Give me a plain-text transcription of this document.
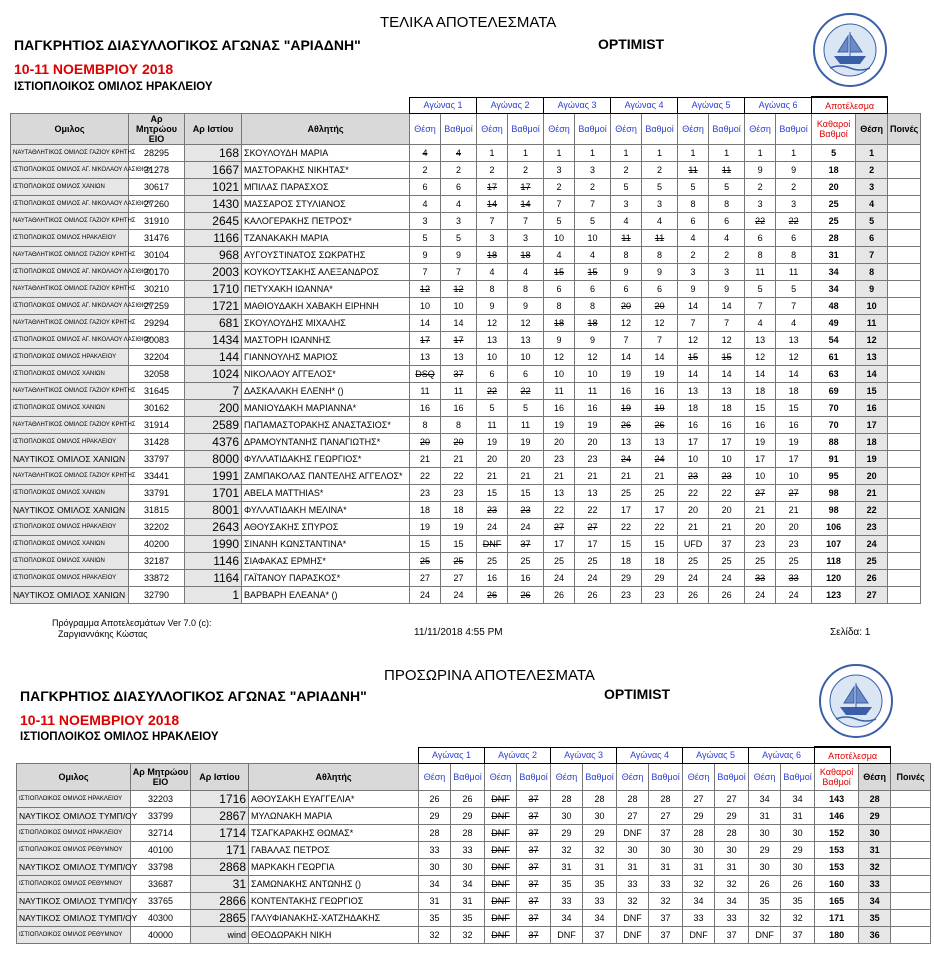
ΤΕΛΙΚΑ ΑΠΟΤΕΛΕΣΜΑΤΑ
ΠΑΓΚΡΗΤΙΟΣ ΔΙΑΣΥΛΛΟΓΙΚΟΣ ΑΓΩΝΑΣ "ΑΡΙΑΔΝΗ"	OPTIMIST
10-11 ΝΟΕΜΒΡΙΟΥ 2018
ΙΣΤΙΟΠΛΟΙΚΟΣ ΟΜΙΛΟΣ ΗΡΑΚΛΕΙΟΥ
				Αγώνας 1		Αγώνας 2		Αγώνας 3		Αγώνας 4		Αγώνας 5		Αγώνας 6		Αποτέλεσμα		
Ομιλος	Αρ Μητρώου ΕΙΟ	Αρ Ιστίου	Αθλητής	Θέση	Βαθμοί	Θέση	Βαθμοί	Θέση	Βαθμοί	Θέση	Βαθμοί	Θέση	Βαθμοί	Θέση	Βαθμοί	Καθαροί Βαθμοί	Θέση	Ποινές
ΝΑΥΤΑΘΛΗΤΙΚΟΣ ΟΜΙΛΟΣ ΓΑΖΙΟΥ ΚΡΗΤΗΣ	28295	168	ΣΚΟΥΛΟΥΔΗ ΜΑΡΙΑ	4	4	1	1	1	1	1	1	1	1	1	1	5	1	
ΙΣΤΙΟΠΛΟΙΚΟΣ ΟΜΙΛΟΣ ΑΓ. ΝΙΚΟΛΑΟΥ ΛΑΣΙΘΙΟΥ	31278	1667	ΜΑΣΤΟΡΑΚΗΣ ΝΙΚΗΤΑΣ*	2	2	2	2	3	3	2	2	11	11	9	9	18	2	
ΙΣΤΙΟΠΛΟΙΚΟΣ ΟΜΙΛΟΣ ΧΑΝΙΩΝ	30617	1021	ΜΠΙΛΑΣ ΠΑΡΑΣΧΟΣ	6	6	17	17	2	2	5	5	5	5	2	2	20	3	
ΙΣΤΙΟΠΛΟΙΚΟΣ ΟΜΙΛΟΣ ΑΓ. ΝΙΚΟΛΑΟΥ ΛΑΣΙΘΙΟΥ	27260	1430	ΜΑΣΣΑΡΟΣ ΣΤΥΛΙΑΝΟΣ	4	4	14	14	7	7	3	3	8	8	3	3	25	4	
ΝΑΥΤΑΘΛΗΤΙΚΟΣ ΟΜΙΛΟΣ ΓΑΖΙΟΥ ΚΡΗΤΗΣ	31910	2645	ΚΑΛΟΓΕΡΑΚΗΣ ΠΕΤΡΟΣ*	3	3	7	7	5	5	4	4	6	6	22	22	25	5	
ΙΣΤΙΟΠΛΟΙΚΟΣ ΟΜΙΛΟΣ ΗΡΑΚΛΕΙΟΥ	31476	1166	ΤΖΑΝΑΚΑΚΗ ΜΑΡΙΑ	5	5	3	3	10	10	11	11	4	4	6	6	28	6	
ΝΑΥΤΑΘΛΗΤΙΚΟΣ ΟΜΙΛΟΣ ΓΑΖΙΟΥ ΚΡΗΤΗΣ	30104	968	ΑΥΓΟΥΣΤΙΝΑΤΟΣ ΣΩΚΡΑΤΗΣ	9	9	18	18	4	4	8	8	2	2	8	8	31	7	
ΙΣΤΙΟΠΛΟΙΚΟΣ ΟΜΙΛΟΣ ΑΓ. ΝΙΚΟΛΑΟΥ ΛΑΣΙΘΙΟΥ	30170	2003	ΚΟΥΚΟΥΤΣΑΚΗΣ ΑΛΕΞΑΝΔΡΟΣ	7	7	4	4	15	15	9	9	3	3	11	11	34	8	
ΝΑΥΤΑΘΛΗΤΙΚΟΣ ΟΜΙΛΟΣ ΓΑΖΙΟΥ ΚΡΗΤΗΣ	30210	1710	ΠΕΤΥΧΑΚΗ ΙΩΑΝΝΑ*	12	12	8	8	6	6	6	6	9	9	5	5	34	9	
ΙΣΤΙΟΠΛΟΙΚΟΣ ΟΜΙΛΟΣ ΑΓ. ΝΙΚΟΛΑΟΥ ΛΑΣΙΘΙΟΥ	27259	1721	ΜΑΘΙΟΥΔΑΚΗ ΧΑΒΑΚΗ ΕΙΡΗΝΗ	10	10	9	9	8	8	20	20	14	14	7	7	48	10	
ΝΑΥΤΑΘΛΗΤΙΚΟΣ ΟΜΙΛΟΣ ΓΑΖΙΟΥ ΚΡΗΤΗΣ	29294	681	ΣΚΟΥΛΟΥΔΗΣ ΜΙΧΑΛΗΣ	14	14	12	12	18	18	12	12	7	7	4	4	49	11	
ΙΣΤΙΟΠΛΟΙΚΟΣ ΟΜΙΛΟΣ ΑΓ. ΝΙΚΟΛΑΟΥ ΛΑΣΙΘΙΟΥ	30083	1434	ΜΑΣΤΟΡΗ ΙΩΑΝΝΗΣ	17	17	13	13	9	9	7	7	12	12	13	13	54	12	
ΙΣΤΙΟΠΛΟΙΚΟΣ ΟΜΙΛΟΣ ΗΡΑΚΛΕΙΟΥ	32204	144	ΓΙΑΝΝΟΥΛΗΣ ΜΑΡΙΟΣ	13	13	10	10	12	12	14	14	15	15	12	12	61	13	
ΙΣΤΙΟΠΛΟΙΚΟΣ ΟΜΙΛΟΣ ΧΑΝΙΩΝ	32058	1024	ΝΙΚΟΛΑΟΥ ΑΓΓΕΛΟΣ*	DSQ	37	6	6	10	10	19	19	14	14	14	14	63	14	
ΝΑΥΤΑΘΛΗΤΙΚΟΣ ΟΜΙΛΟΣ ΓΑΖΙΟΥ ΚΡΗΤΗΣ	31645	7	ΔΑΣΚΑΛΑΚΗ ΕΛΕΝΗ* ()	11	11	22	22	11	11	16	16	13	13	18	18	69	15	
ΙΣΤΙΟΠΛΟΙΚΟΣ ΟΜΙΛΟΣ ΧΑΝΙΩΝ	30162	200	ΜΑΝΙΟΥΔΑΚΗ ΜΑΡΙΑΝΝΑ*	16	16	5	5	16	16	19	19	18	18	15	15	70	16	
ΝΑΥΤΑΘΛΗΤΙΚΟΣ ΟΜΙΛΟΣ ΓΑΖΙΟΥ ΚΡΗΤΗΣ	31914	2589	ΠΑΠΑΜΑΣΤΟΡΑΚΗΣ ΑΝΑΣΤΑΣΙΟΣ*	8	8	11	11	19	19	26	26	16	16	16	16	70	17	
ΙΣΤΙΟΠΛΟΙΚΟΣ ΟΜΙΛΟΣ ΗΡΑΚΛΕΙΟΥ	31428	4376	ΔΡΑΜΟΥΝΤΑΝΗΣ ΠΑΝΑΓΙΩΤΗΣ*	20	20	19	19	20	20	13	13	17	17	19	19	88	18	
ΝΑΥΤΙΚΟΣ ΟΜΙΛΟΣ ΧΑΝΙΩΝ	33797	8000	ΦΥΛΛΑΤΙΔΑΚΗΣ ΓΕΩΡΓΙΟΣ*	21	21	20	20	23	23	24	24	10	10	17	17	91	19	
ΝΑΥΤΑΘΛΗΤΙΚΟΣ ΟΜΙΛΟΣ ΓΑΖΙΟΥ ΚΡΗΤΗΣ	33441	1991	ΖΑΜΠΑΚΟΛΑΣ ΠΑΝΤΕΛΗΣ ΑΓΓΕΛΟΣ*	22	22	21	21	21	21	21	21	23	23	10	10	95	20	
ΙΣΤΙΟΠΛΟΙΚΟΣ ΟΜΙΛΟΣ ΧΑΝΙΩΝ	33791	1701	ABELA MATTHIAS*	23	23	15	15	13	13	25	25	22	22	27	27	98	21	
ΝΑΥΤΙΚΟΣ ΟΜΙΛΟΣ ΧΑΝΙΩΝ	31815	8001	ΦΥΛΛΑΤΙΔΑΚΗ ΜΕΛΙΝΑ*	18	18	23	23	22	22	17	17	20	20	21	21	98	22	
ΙΣΤΙΟΠΛΟΙΚΟΣ ΟΜΙΛΟΣ ΗΡΑΚΛΕΙΟΥ	32202	2643	ΑΘΟΥΣΑΚΗΣ ΣΠΥΡΟΣ	19	19	24	24	27	27	22	22	21	21	20	20	106	23	
ΙΣΤΙΟΠΛΟΙΚΟΣ ΟΜΙΛΟΣ ΧΑΝΙΩΝ	40200	1990	ΣΙΝΑΝΗ ΚΩΝΣΤΑΝΤΙΝΑ*	15	15	DNF	37	17	17	15	15	UFD	37	23	23	107	24	
ΙΣΤΙΟΠΛΟΙΚΟΣ ΟΜΙΛΟΣ ΧΑΝΙΩΝ	32187	1146	ΣΙΑΦΑΚΑΣ ΕΡΜΗΣ*	25	25	25	25	25	25	18	18	25	25	25	25	118	25	
ΙΣΤΙΟΠΛΟΙΚΟΣ ΟΜΙΛΟΣ ΗΡΑΚΛΕΙΟΥ	33872	1164	ΓΑΪΤΑΝΟΥ ΠΑΡΑΣΚΟΣ*	27	27	16	16	24	24	29	29	24	24	33	33	120	26	
ΝΑΥΤΙΚΟΣ ΟΜΙΛΟΣ ΧΑΝΙΩΝ	32790	1	ΒΑΡΒΑΡΗ ΕΛΕΑΝΑ* ()	24	24	26	26	26	26	23	23	26	26	24	24	123	27	
Πρόγραμμα Αποτελεσμάτων Ver 7.0 (c):
Ζαργιαννάκης Κώστας	11/11/2018 4:55 PM	Σελίδα: 1
ΠΡΟΣΩΡΙΝΑ ΑΠΟΤΕΛΕΣΜΑΤΑ
ΠΑΓΚΡΗΤΙΟΣ ΔΙΑΣΥΛΛΟΓΙΚΟΣ ΑΓΩΝΑΣ "ΑΡΙΑΔΝΗ"	OPTIMIST
10-11 ΝΟΕΜΒΡΙΟΥ 2018
ΙΣΤΙΟΠΛΟΙΚΟΣ ΟΜΙΛΟΣ ΗΡΑΚΛΕΙΟΥ
				Αγώνας 1		Αγώνας 2		Αγώνας 3		Αγώνας 4		Αγώνας 5		Αγώνας 6		Αποτέλεσμα		
Ομιλος	Αρ Μητρώου ΕΙΟ	Αρ Ιστίου	Αθλητής	Θέση	Βαθμοί	Θέση	Βαθμοί	Θέση	Βαθμοί	Θέση	Βαθμοί	Θέση	Βαθμοί	Θέση	Βαθμοί	Καθαροί Βαθμοί	Θέση	Ποινές
ΙΣΤΙΟΠΛΟΙΚΟΣ ΟΜΙΛΟΣ ΗΡΑΚΛΕΙΟΥ	32203	1716	ΑΘΟΥΣΑΚΗ ΕΥΑΓΓΕΛΙΑ*	26	26	DNF	37	28	28	28	28	27	27	34	34	143	28	
ΝΑΥΤΙΚΟΣ ΟΜΙΛΟΣ ΤΥΜΠ/ΟΥ	33799	2867	ΜΥΛΩΝΑΚΗ ΜΑΡΙΑ	29	29	DNF	37	30	30	27	27	29	29	31	31	146	29	
ΙΣΤΙΟΠΛΟΙΚΟΣ ΟΜΙΛΟΣ ΗΡΑΚΛΕΙΟΥ	32714	1714	ΤΣΑΓΚΑΡΑΚΗΣ ΘΩΜΑΣ*	28	28	DNF	37	29	29	DNF	37	28	28	30	30	152	30	
ΙΣΤΙΟΠΛΟΙΚΟΣ ΟΜΙΛΟΣ ΡΕΘΥΜΝΟΥ	40100	171	ΓΑΒΑΛΑΣ ΠΕΤΡΟΣ	33	33	DNF	37	32	32	30	30	30	30	29	29	153	31	
ΝΑΥΤΙΚΟΣ ΟΜΙΛΟΣ ΤΥΜΠ/ΟΥ	33798	2868	ΜΑΡΚΑΚΗ ΓΕΩΡΓΙΑ	30	30	DNF	37	31	31	31	31	31	31	30	30	153	32	
ΙΣΤΙΟΠΛΟΙΚΟΣ ΟΜΙΛΟΣ ΡΕΘΥΜΝΟΥ	33687	31	ΣΑΜΩΝΑΚΗΣ ΑΝΤΩΝΗΣ ()	34	34	DNF	37	35	35	33	33	32	32	26	26	160	33	
ΝΑΥΤΙΚΟΣ ΟΜΙΛΟΣ ΤΥΜΠ/ΟΥ	33765	2866	ΚΟΝΤΕΝΤΑΚΗΣ ΓΕΩΡΓΙΟΣ	31	31	DNF	37	33	33	32	32	34	34	35	35	165	34	
ΝΑΥΤΙΚΟΣ ΟΜΙΛΟΣ ΤΥΜΠ/ΟΥ	40300	2865	ΓΑΛΥΦΙΑΝΑΚΗΣ-ΧΑΤΖΗΔΑΚΗΣ	35	35	DNF	37	34	34	DNF	37	33	33	32	32	171	35	
ΙΣΤΙΟΠΛΟΙΚΟΣ ΟΜΙΛΟΣ ΡΕΘΥΜΝΟΥ	40000	wind	ΘΕΟΔΩΡΑΚΗ ΝΙΚΗ	32	32	DNF	37	DNF	37	DNF	37	DNF	37	DNF	37	180	36	
